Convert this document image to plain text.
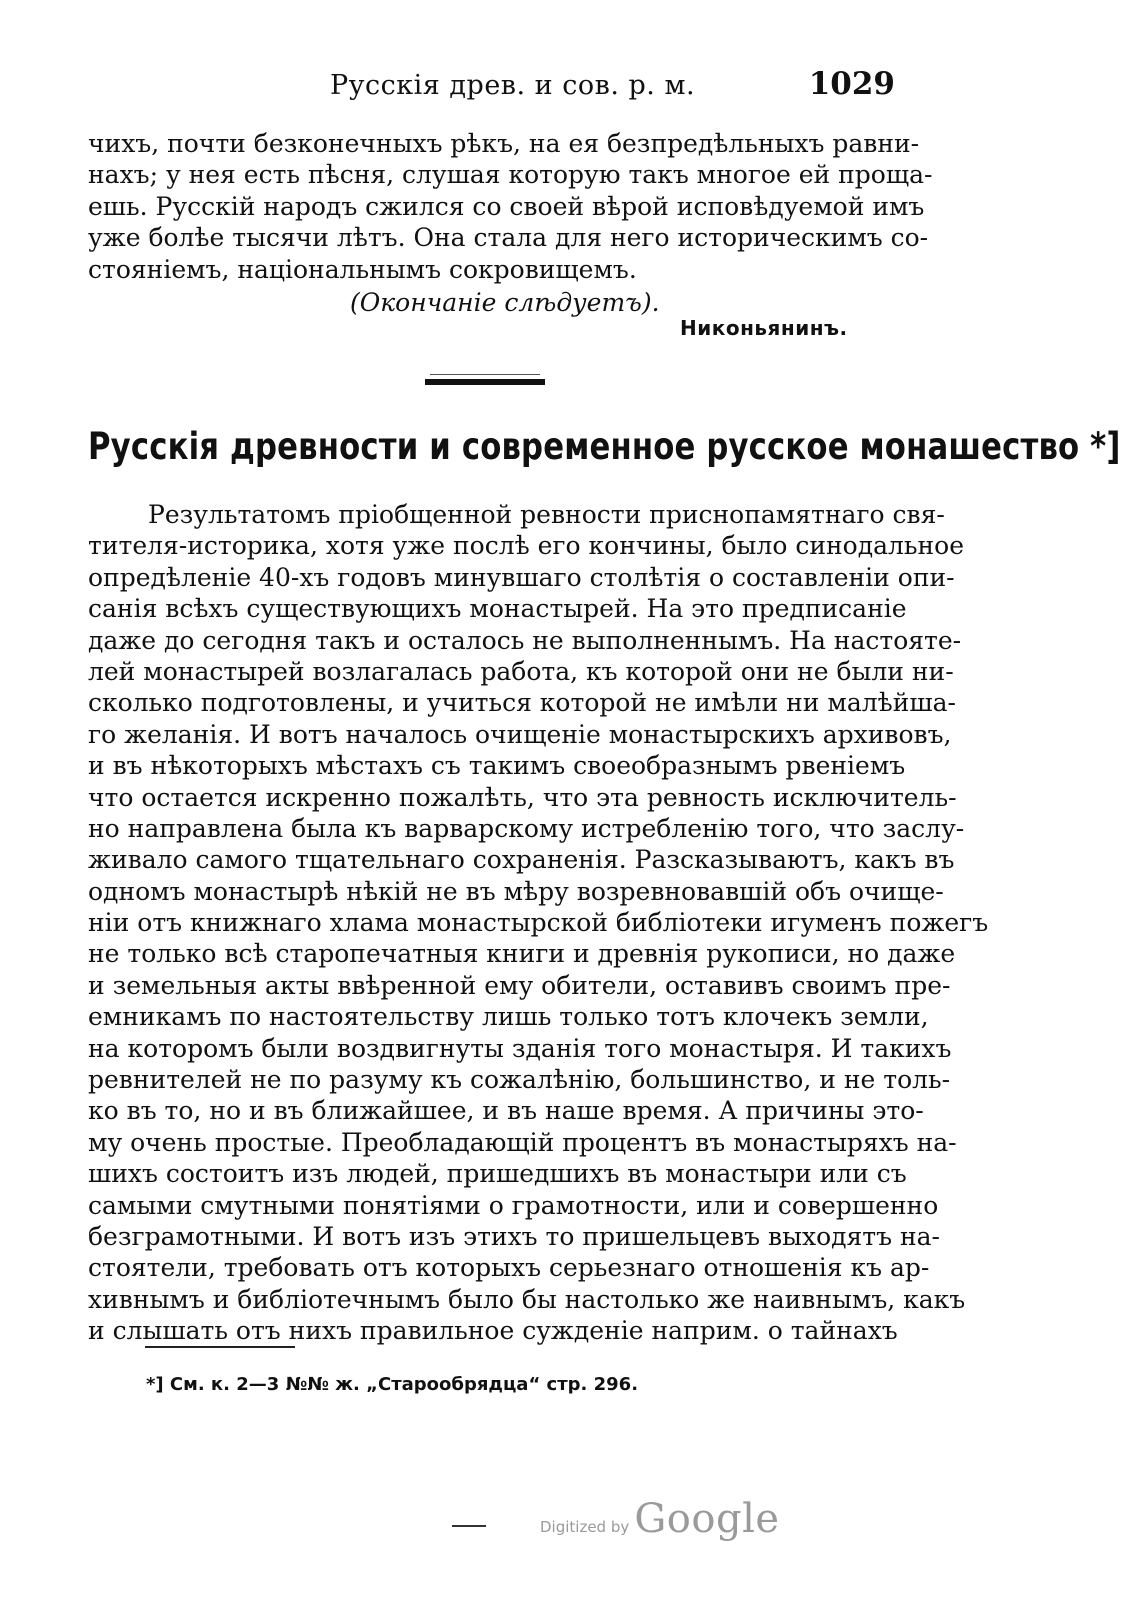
Русскія древ. и сов. р. м.	1029
чихъ, почти безконечныхъ рѣкъ, на ея безпредѣльныхъ равни-
нахъ; у нея есть пѣсня, слушая которую такъ многое ей проща-
ешь. Русскій народъ сжился со своей вѣрой исповѣдуемой имъ
уже болѣе тысячи лѣтъ. Она стала для него историческимъ со-
стояніемъ, національнымъ сокровищемъ.
(Окончаніе слѣдуетъ).
Никоньянинъ.
Русскія древности и современное русское монашество *]
Результатомъ пріобщенной ревности приснопамятнаго свя-
тителя-историка, хотя уже послѣ его кончины, было синодальное
опредѣленіе 40-хъ годовъ минувшаго столѣтія о составленіи опи-
санія всѣхъ существующихъ монастырей. На это предписаніе
даже до сегодня такъ и осталось не выполненнымъ. На настояте-
лей монастырей возлагалась работа, къ которой они не были ни-
сколько подготовлены, и учиться которой не имѣли ни малѣйша-
го желанія. И вотъ началось очищеніе монастырскихъ архивовъ,
и въ нѣкоторыхъ мѣстахъ съ такимъ своеобразнымъ рвеніемъ
что остается искренно пожалѣть, что эта ревность исключитель-
но направлена была къ варварскому истребленію того, что заслу-
живало самого тщательнаго сохраненія. Разсказываютъ, какъ въ
одномъ монастырѣ нѣкій не въ мѣру возревновавшій объ очище-
ніи отъ книжнаго хлама монастырской библіотеки игуменъ пожегъ
не только всѣ старопечатныя книги и древнія рукописи, но даже
и земельныя акты ввѣренной ему обители, оставивъ своимъ пре-
емникамъ по настоятельству лишь только тотъ клочекъ земли,
на которомъ были воздвигнуты зданія того монастыря. И такихъ
ревнителей не по разуму къ сожалѣнію, большинство, и не толь-
ко въ то, но и въ ближайшее, и въ наше время. А причины это-
му очень простые. Преобладающій процентъ въ монастыряхъ на-
шихъ состоитъ изъ людей, пришедшихъ въ монастыри или съ
самыми смутными понятіями о грамотности, или и совершенно
безграмотными. И вотъ изъ этихъ то пришельцевъ выходятъ на-
стоятели, требовать отъ которыхъ серьезнаго отношенія къ ар-
хивнымъ и библіотечнымъ было бы настолько же наивнымъ, какъ
и слышать отъ нихъ правильное сужденіе наприм. о тайнахъ
*] См. к. 2—3 №№ ж. „Старообрядца“ стр. 296.
Digitized by Google
